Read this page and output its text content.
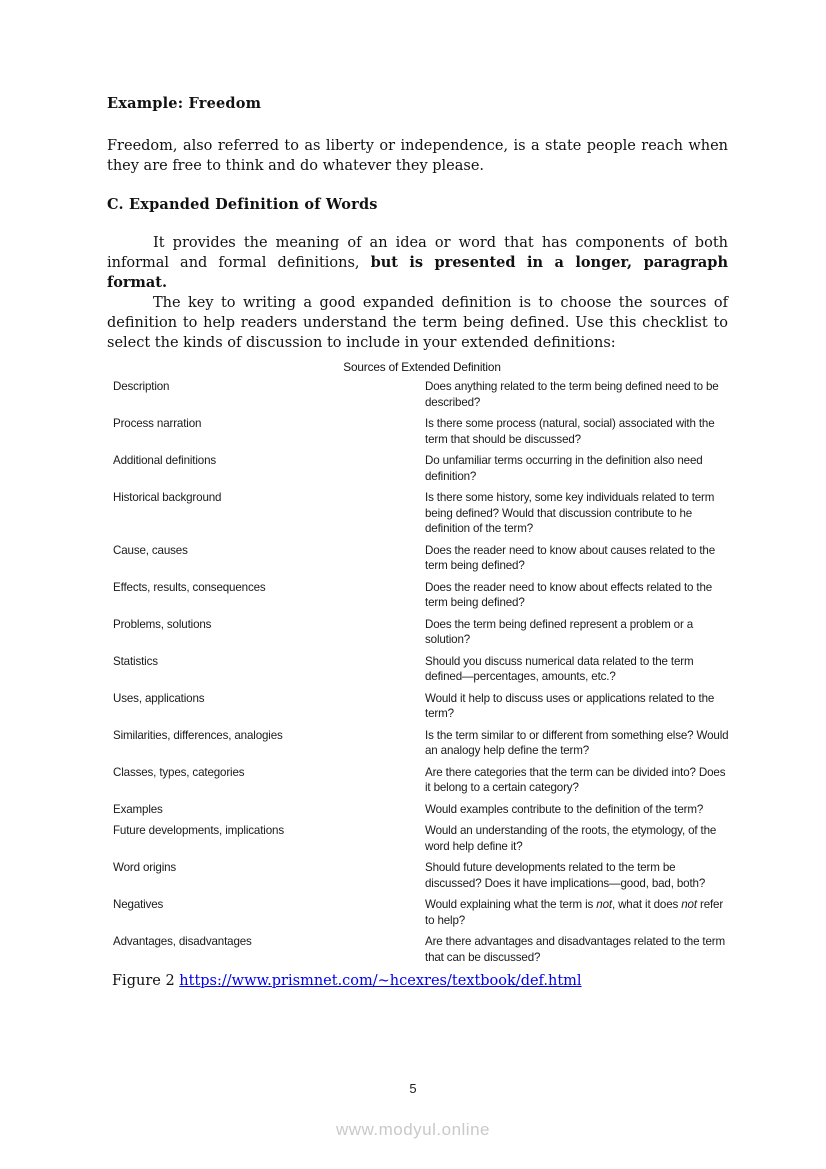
Example: Freedom

Freedom, also referred to as liberty or independence, is a state people reach when they are free to think and do whatever they please.

C. Expanded Definition of Words

It provides the meaning of an idea or word that has components of both informal and formal definitions, but is presented in a longer, paragraph format.

The key to writing a good expanded definition is to choose the sources of definition to help readers understand the term being defined. Use this checklist to select the kinds of discussion to include in your extended definitions:

Sources of Extended Definition
Description	Does anything related to the term being defined need to be described?
Process narration	Is there some process (natural, social) associated with the term that should be discussed?
Additional definitions	Do unfamiliar terms occurring in the definition also need definition?
Historical background	Is there some history, some key individuals related to term being defined? Would that discussion contribute to he definition of the term?
Cause, causes	Does the reader need to know about causes related to the term being defined?
Effects, results, consequences	Does the reader need to know about effects related to the term being defined?
Problems, solutions	Does the term being defined represent a problem or a solution?
Statistics	Should you discuss numerical data related to the term defined—percentages, amounts, etc.?
Uses, applications	Would it help to discuss uses or applications related to the term?
Similarities, differences, analogies	Is the term similar to or different from something else? Would an analogy help define the term?
Classes, types, categories	Are there categories that the term can be divided into? Does it belong to a certain category?
Examples	Would examples contribute to the definition of the term?
Future developments, implications	Would an understanding of the roots, the etymology, of the word help define it?
Word origins	Should future developments related to the term be discussed? Does it have implications—good, bad, both?
Negatives	Would explaining what the term is not, what it does not refer to help?
Advantages, disadvantages	Are there advantages and disadvantages related to the term that can be discussed?
Figure 2 https://www.prismnet.com/~hcexres/textbook/def.html
5
www.modyul.online
